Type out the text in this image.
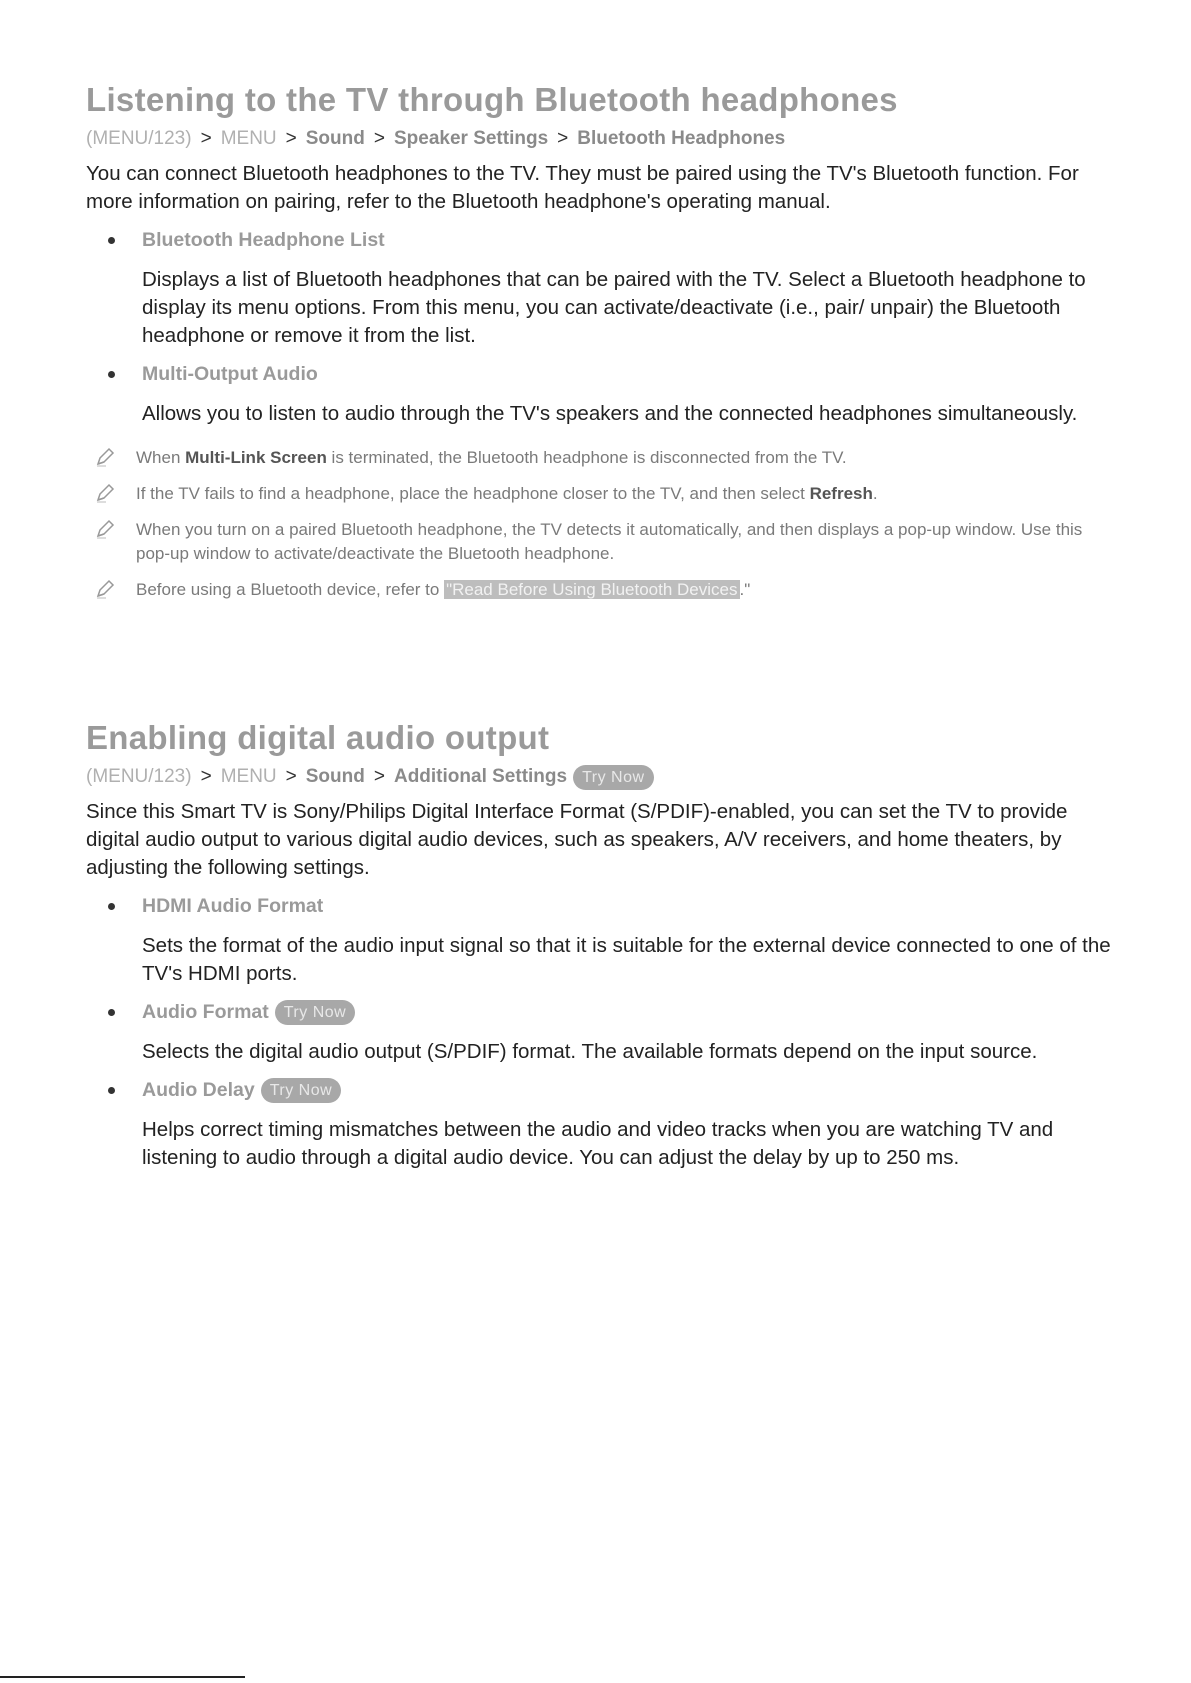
Listening to the TV through Bluetooth headphones
(MENU/123) > MENU > Sound > Speaker Settings > Bluetooth Headphones

You can connect Bluetooth headphones to the TV. They must be paired using the TV's Bluetooth function. For more information on pairing, refer to the Bluetooth headphone's operating manual.

Bluetooth Headphone List
Displays a list of Bluetooth headphones that can be paired with the TV. Select a Bluetooth headphone to display its menu options. From this menu, you can activate/deactivate (i.e., pair/ unpair) the Bluetooth headphone or remove it from the list.
Multi-Output Audio
Allows you to listen to audio through the TV's speakers and the connected headphones simultaneously.
When Multi-Link Screen is terminated, the Bluetooth headphone is disconnected from the TV.
If the TV fails to find a headphone, place the headphone closer to the TV, and then select Refresh.
When you turn on a paired Bluetooth headphone, the TV detects it automatically, and then displays a pop-up window. Use this pop-up window to activate/deactivate the Bluetooth headphone.
Before using a Bluetooth device, refer to "Read Before Using Bluetooth Devices ."
Enabling digital audio output
(MENU/123) > MENU > Sound > Additional Settings Try Now

Since this Smart TV is Sony/Philips Digital Interface Format (S/PDIF)-enabled, you can set the TV to provide digital audio output to various digital audio devices, such as speakers, A/V receivers, and home theaters, by adjusting the following settings.

HDMI Audio Format
Sets the format of the audio input signal so that it is suitable for the external device connected to one of the TV's HDMI ports.
Audio Format Try Now
Selects the digital audio output (S/PDIF) format. The available formats depend on the input source.
Audio Delay Try Now
Helps correct timing mismatches between the audio and video tracks when you are watching TV and listening to audio through a digital audio device. You can adjust the delay by up to 250 ms.
